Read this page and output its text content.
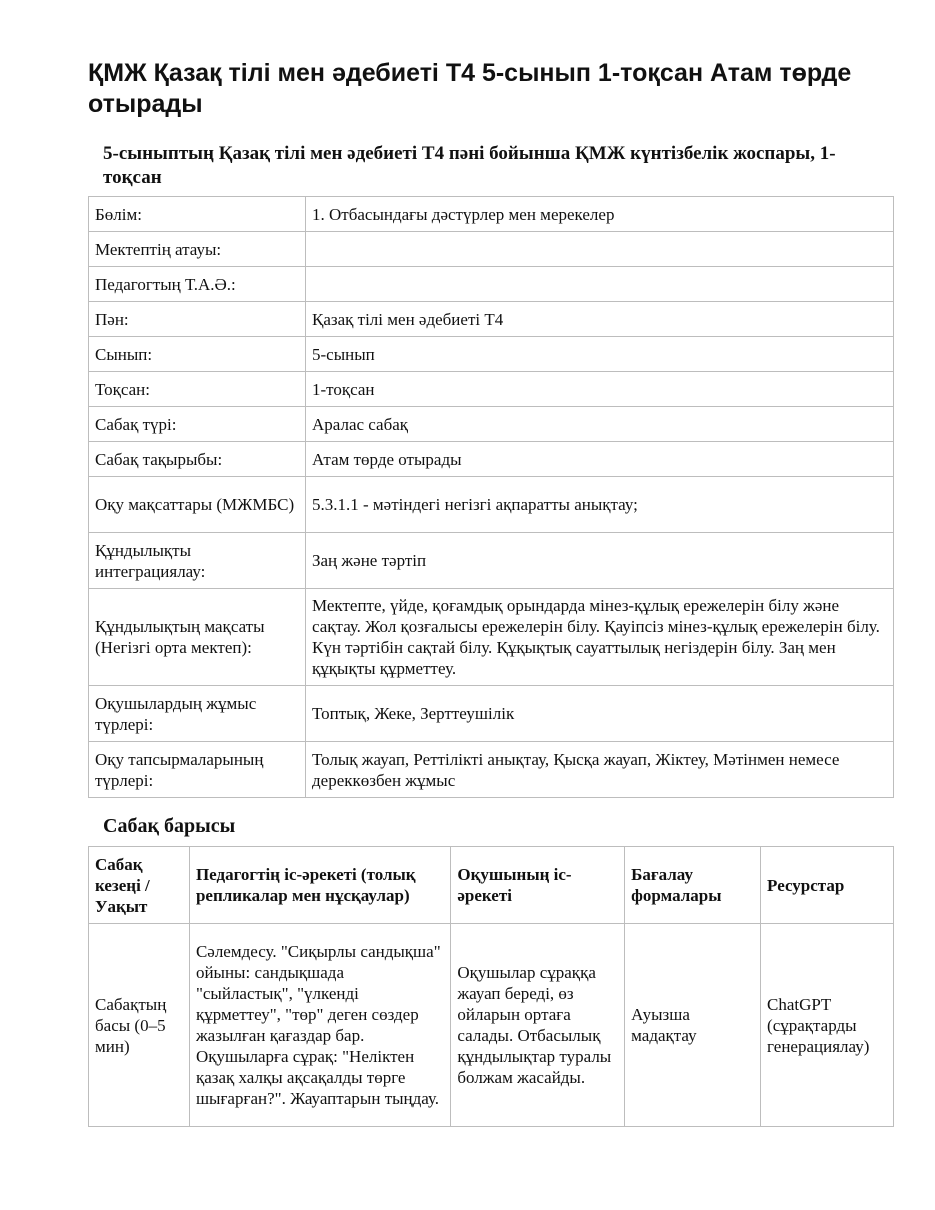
ҚМЖ Қазақ тілі мен әдебиеті Т4 5-сынып 1-тоқсан Атам төрде отырады
5-сыныптың Қазақ тілі мен әдебиеті Т4 пәні бойынша ҚМЖ күнтізбелік жоспары, 1-тоқсан
Бөлім:	1. Отбасындағы дәстүрлер мен мерекелер
Мектептің атауы:	
Педагогтың Т.А.Ә.:	
Пән:	Қазақ тілі мен әдебиеті Т4
Сынып:	5-сынып
Тоқсан:	1-тоқсан
Сабақ түрі:	Аралас сабақ
Сабақ тақырыбы:	Атам төрде отырады
Оқу мақсаттары (МЖМБС)	5.3.1.1 - мәтіндегі негізгі ақпаратты анықтау;
Құндылықты интеграциялау:	Заң және тәртіп
Құндылықтың мақсаты (Негізгі орта мектеп):	Мектепте, үйде, қоғамдық орындарда мінез-құлық ережелерін білу және сақтау. Жол қозғалысы ережелерін білу. Қауіпсіз мінез-құлық ережелерін білу. Күн тәртібін сақтай білу. Құқықтық сауаттылық негіздерін білу. Заң мен құқықты құрметтеу.
Оқушылардың жұмыс түрлері:	Топтық, Жеке, Зерттеушілік
Оқу тапсырмаларының түрлері:	Толық жауап, Реттілікті анықтау, Қысқа жауап, Жіктеу, Мәтінмен немесе дереккөзбен жұмыс
Сабақ барысы
Сабақ кезеңі / Уақыт	Педагогтің іс-әрекеті (толық репликалар мен нұсқаулар)	Оқушының іс-әрекеті	Бағалау формалары	Ресурстар
Сабақтың басы (0–5 мин)	Сәлемдесу. "Сиқырлы сандықша" ойыны: сандықшада "сыйластық", "үлкенді құрметтеу", "төр" деген сөздер жазылған қағаздар бар. Оқушыларға сұрақ: "Неліктен қазақ халқы ақсақалды төрге шығарған?". Жауаптарын тыңдау.	Оқушылар сұраққа жауап береді, өз ойларын ортаға салады. Отбасылық құндылықтар туралы болжам жасайды.	Ауызша мадақтау	ChatGPT (сұрақтарды генерациялау)
